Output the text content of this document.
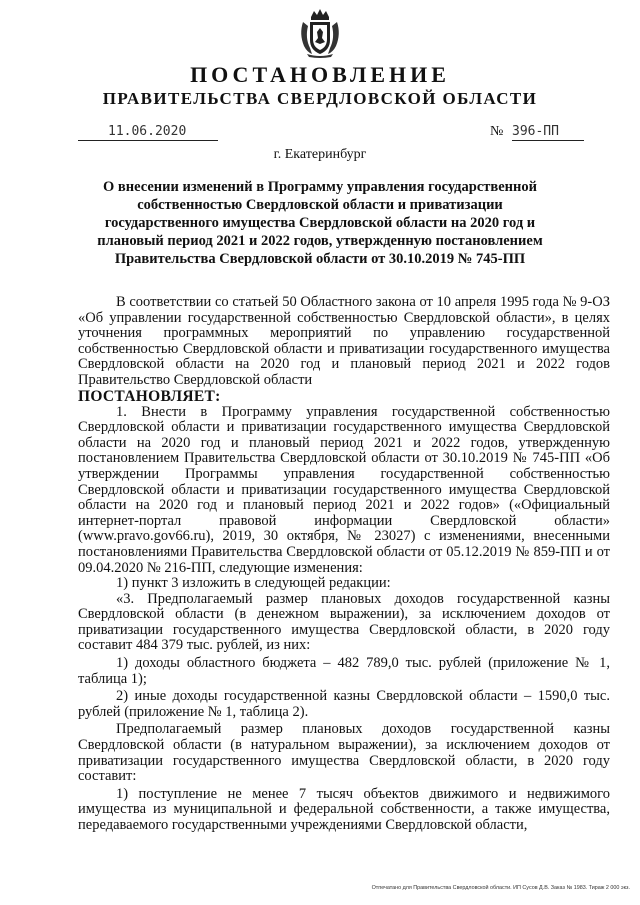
ПОСТАНОВЛЕНИЕ
ПРАВИТЕЛЬСТВА СВЕРДЛОВСКОЙ ОБЛАСТИ
11.06.2020	№ 396-ПП
г. Екатеринбург
О внесении изменений в Программу управления государственной собственностью Свердловской области и приватизации государственного имущества Свердловской области на 2020 год и плановый период 2021 и 2022 годов, утвержденную постановлением Правительства Свердловской области от 30.10.2019 № 745-ПП

В соответствии со статьей 50 Областного закона от 10 апреля 1995 года № 9-ОЗ «Об управлении государственной собственностью Свердловской области», в целях уточнения программных мероприятий по управлению государственной собственностью Свердловской области и приватизации государственного имущества Свердловской области на 2020 год и плановый период 2021 и 2022 годов Правительство Свердловской области

ПОСТАНОВЛЯЕТ:

1. Внести в Программу управления государственной собственностью Свердловской области и приватизации государственного имущества Свердловской области на 2020 год и плановый период 2021 и 2022 годов, утвержденную постановлением Правительства Свердловской области от 30.10.2019 № 745-ПП «Об утверждении Программы управления государственной собственностью Свердловской области и приватизации государственного имущества Свердловской области на 2020 год и плановый период 2021 и 2022 годов» («Официальный интернет-портал правовой информации Свердловской области» (www.pravo.gov66.ru), 2019, 30 октября, № 23027) с изменениями, внесенными постановлениями Правительства Свердловской области от 05.12.2019 № 859-ПП и от 09.04.2020 № 216-ПП, следующие изменения:

1) пункт 3 изложить в следующей редакции:

«3. Предполагаемый размер плановых доходов государственной казны Свердловской области (в денежном выражении), за исключением доходов от приватизации государственного имущества Свердловской области, в 2020 году составит 484 379 тыс. рублей, из них:

1) доходы областного бюджета – 482 789,0 тыс. рублей (приложение № 1, таблица 1);

2) иные доходы государственной казны Свердловской области – 1590,0 тыс. рублей (приложение № 1, таблица 2).

Предполагаемый размер плановых доходов государственной казны Свердловской области (в натуральном выражении), за исключением доходов от приватизации государственного имущества Свердловской области, в 2020 году составит:

1) поступление не менее 7 тысяч объектов движимого и недвижимого имущества из муниципальной и федеральной собственности, а также имущества, передаваемого государственными учреждениями Свердловской области,

Отпечатано для Правительства Свердловской области. ИП Сусов Д.В. Заказ № 1983. Тираж 2 000 экз.
